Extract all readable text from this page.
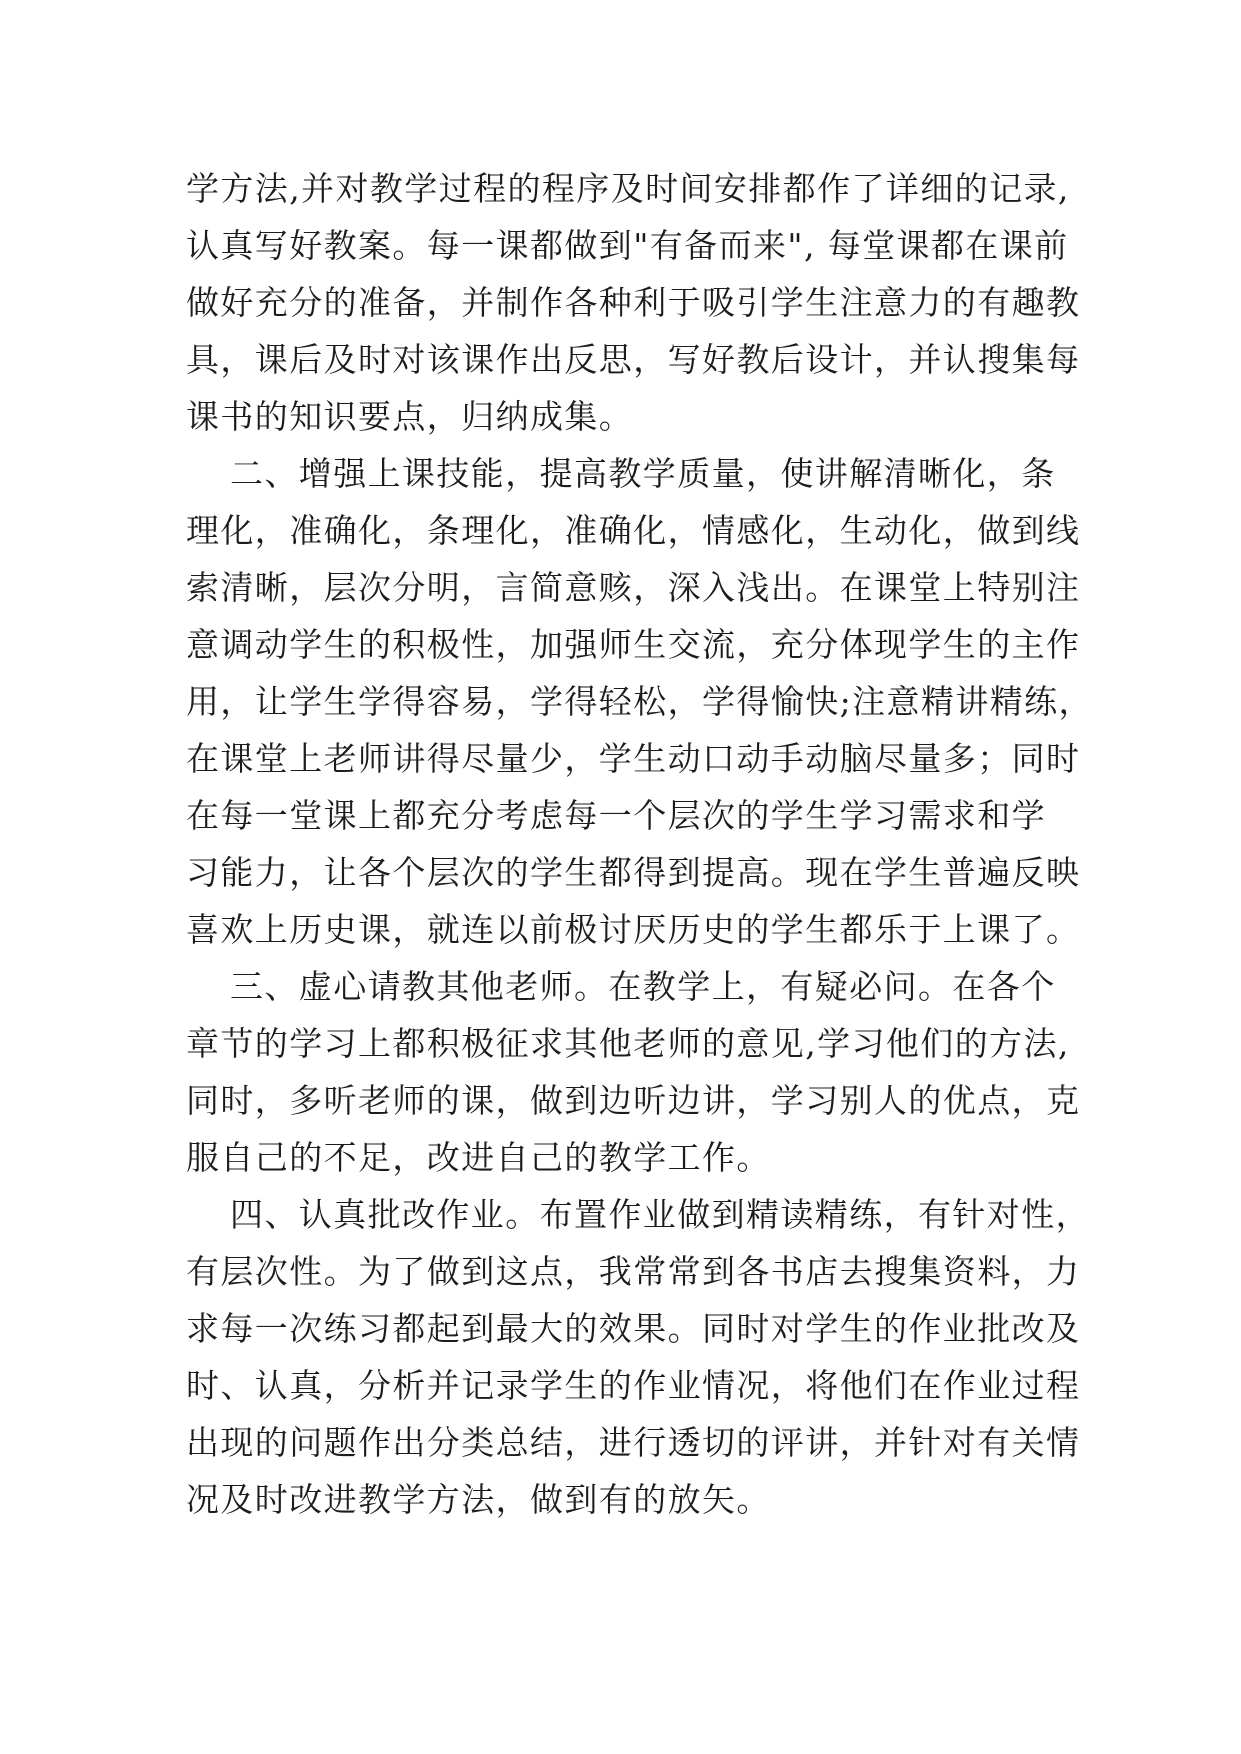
学方法,并对教学过程的程序及时间安排都作了详细的记录,
认真写好教案。每一课都做到"有备而来", 每堂课都在课前
做好充分的准备，并制作各种利于吸引学生注意力的有趣教
具，课后及时对该课作出反思，写好教后设计，并认搜集每
课书的知识要点，归纳成集。
二、增强上课技能，提高教学质量，使讲解清晰化，条
理化，准确化，条理化，准确化，情感化，生动化，做到线
索清晰，层次分明，言简意赅，深入浅出。在课堂上特别注
意调动学生的积极性，加强师生交流，充分体现学生的主作
用，让学生学得容易，学得轻松，学得愉快;注意精讲精练，
在课堂上老师讲得尽量少，学生动口动手动脑尽量多；同时
在每一堂课上都充分考虑每一个层次的学生学习需求和学
习能力，让各个层次的学生都得到提高。现在学生普遍反映
喜欢上历史课，就连以前极讨厌历史的学生都乐于上课了。
三、虚心请教其他老师。在教学上，有疑必问。在各个
章节的学习上都积极征求其他老师的意见,学习他们的方法,
同时，多听老师的课，做到边听边讲，学习别人的优点，克
服自己的不足，改进自己的教学工作。
四、认真批改作业。布置作业做到精读精练，有针对性，
有层次性。为了做到这点，我常常到各书店去搜集资料，力
求每一次练习都起到最大的效果。同时对学生的作业批改及
时、认真，分析并记录学生的作业情况，将他们在作业过程
出现的问题作出分类总结，进行透切的评讲，并针对有关情
况及时改进教学方法，做到有的放矢。
